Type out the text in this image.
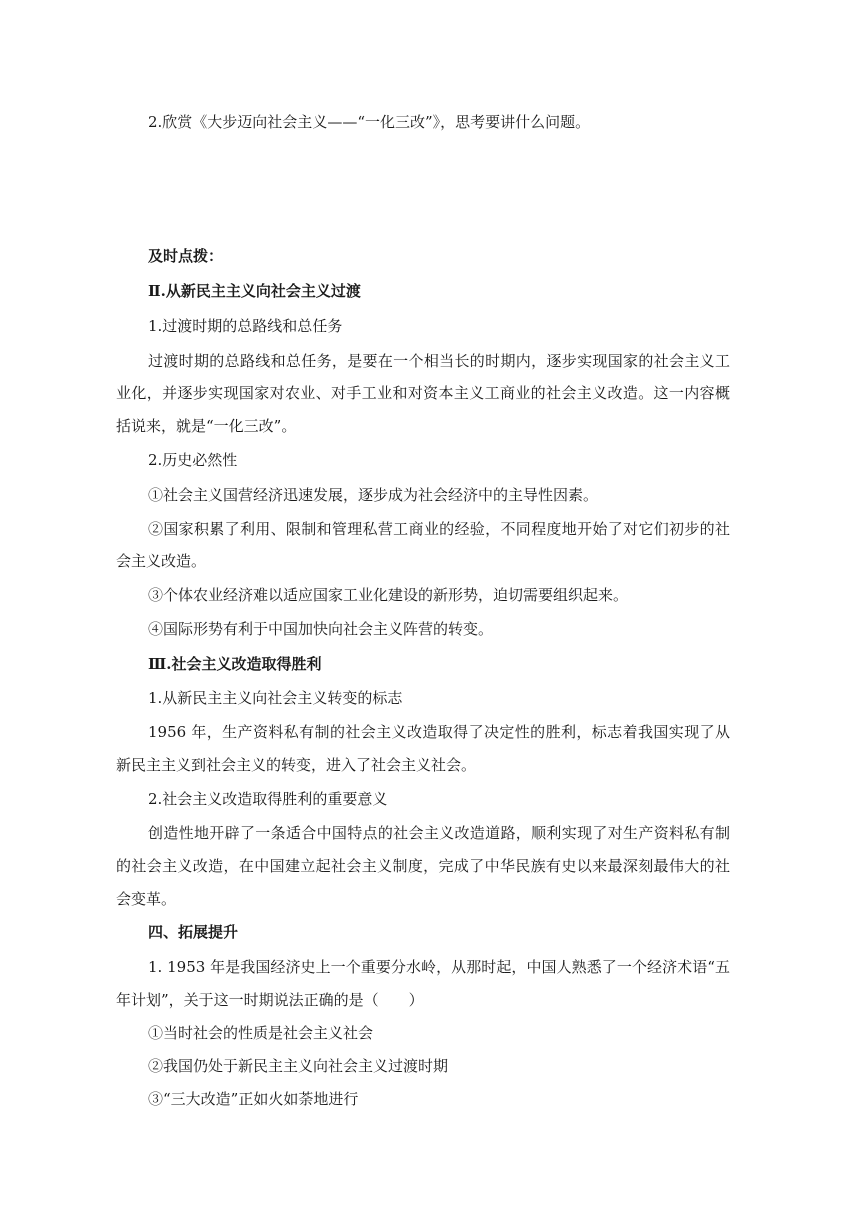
2.欣赏《大步迈向社会主义——“一化三改”》，思考要讲什么问题。
及时点拨：
Ⅱ.从新民主主义向社会主义过渡
1.过渡时期的总路线和总任务
过渡时期的总路线和总任务，是要在一个相当长的时期内，逐步实现国家的社会主义工
业化，并逐步实现国家对农业、对手工业和对资本主义工商业的社会主义改造。这一内容概
括说来，就是“一化三改”。
2.历史必然性
①社会主义国营经济迅速发展，逐步成为社会经济中的主导性因素。
②国家积累了利用、限制和管理私营工商业的经验，不同程度地开始了对它们初步的社
会主义改造。
③个体农业经济难以适应国家工业化建设的新形势，迫切需要组织起来。
④国际形势有利于中国加快向社会主义阵营的转变。
Ⅲ.社会主义改造取得胜利
1.从新民主主义向社会主义转变的标志
1956 年，生产资料私有制的社会主义改造取得了决定性的胜利，标志着我国实现了从
新民主主义到社会主义的转变，进入了社会主义社会。
2.社会主义改造取得胜利的重要意义
创造性地开辟了一条适合中国特点的社会主义改造道路，顺利实现了对生产资料私有制
的社会主义改造，在中国建立起社会主义制度，完成了中华民族有史以来最深刻最伟大的社
会变革。
四、拓展提升
1. 1953 年是我国经济史上一个重要分水岭，从那时起，中国人熟悉了一个经济术语“五
年计划”，关于这一时期说法正确的是（　　）
①当时社会的性质是社会主义社会
②我国仍处于新民主主义向社会主义过渡时期
③“三大改造”正如火如荼地进行
